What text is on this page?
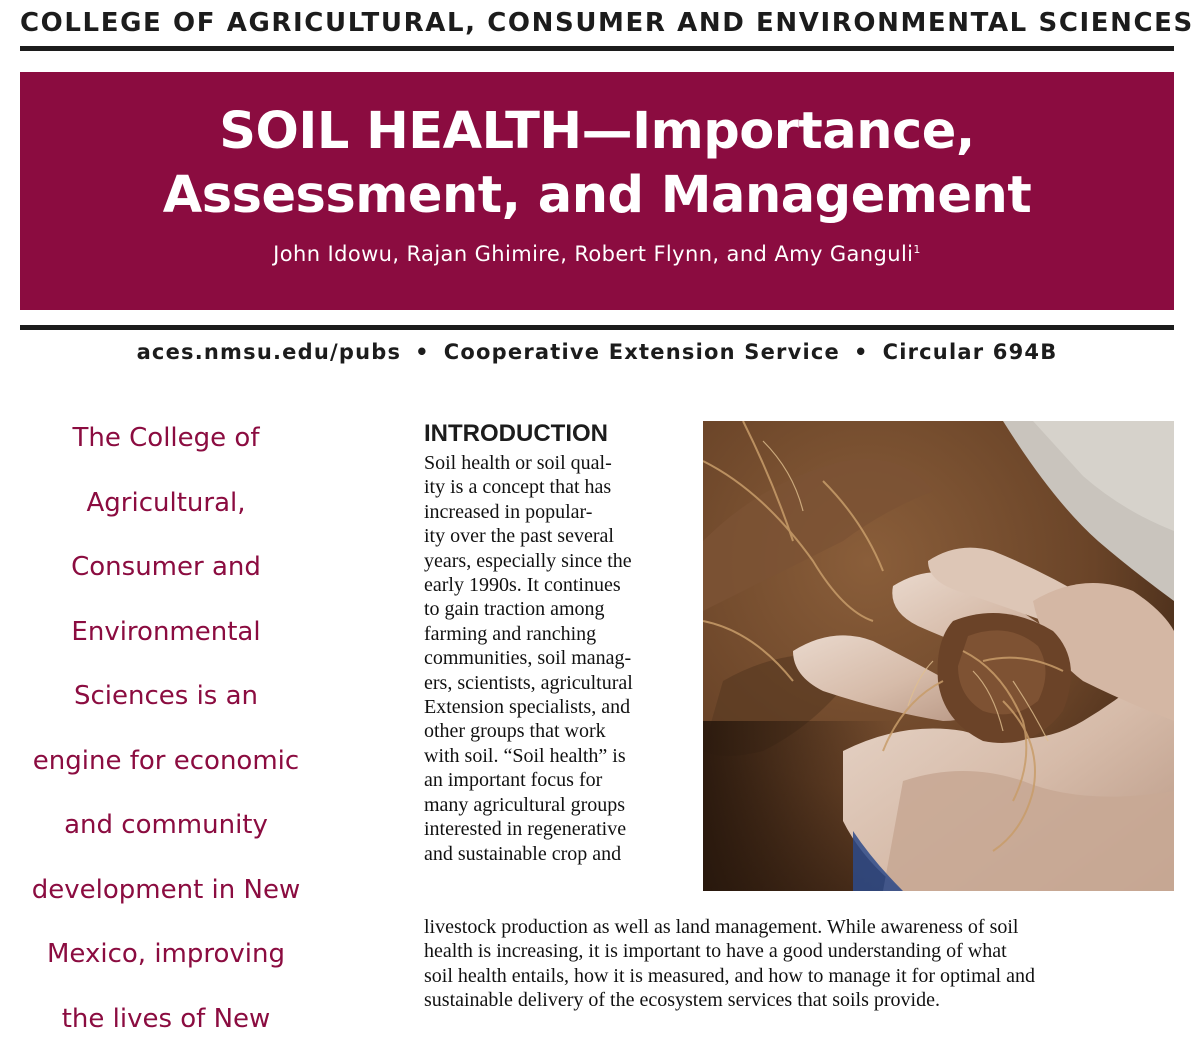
COLLEGE OF AGRICULTURAL, CONSUMER AND ENVIRONMENTAL SCIENCES
SOIL HEALTH—Importance,
Assessment, and Management
John Idowu, Rajan Ghimire, Robert Flynn, and Amy Ganguli$^1$
aces.nmsu.edu/pubs • Cooperative Extension Service • Circular 694B
The College of
Agricultural,
Consumer and
Environmental
Sciences is an
engine for economic
and community
development in New
Mexico, improving
the lives of New
INTRODUCTION
Soil health or soil qual-
ity is a concept that has
increased in popular-
ity over the past several
years, especially since the
early 1990s. It continues
to gain traction among
farming and ranching
communities, soil manag-
ers, scientists, agricultural
Extension specialists, and
other groups that work
with soil. “Soil health” is
an important focus for
many agricultural groups
interested in regenerative
and sustainable crop and
livestock production as well as land management. While awareness of soil
health is increasing, it is important to have a good understanding of what
soil health entails, how it is measured, and how to manage it for optimal and
sustainable delivery of the ecosystem services that soils provide.
